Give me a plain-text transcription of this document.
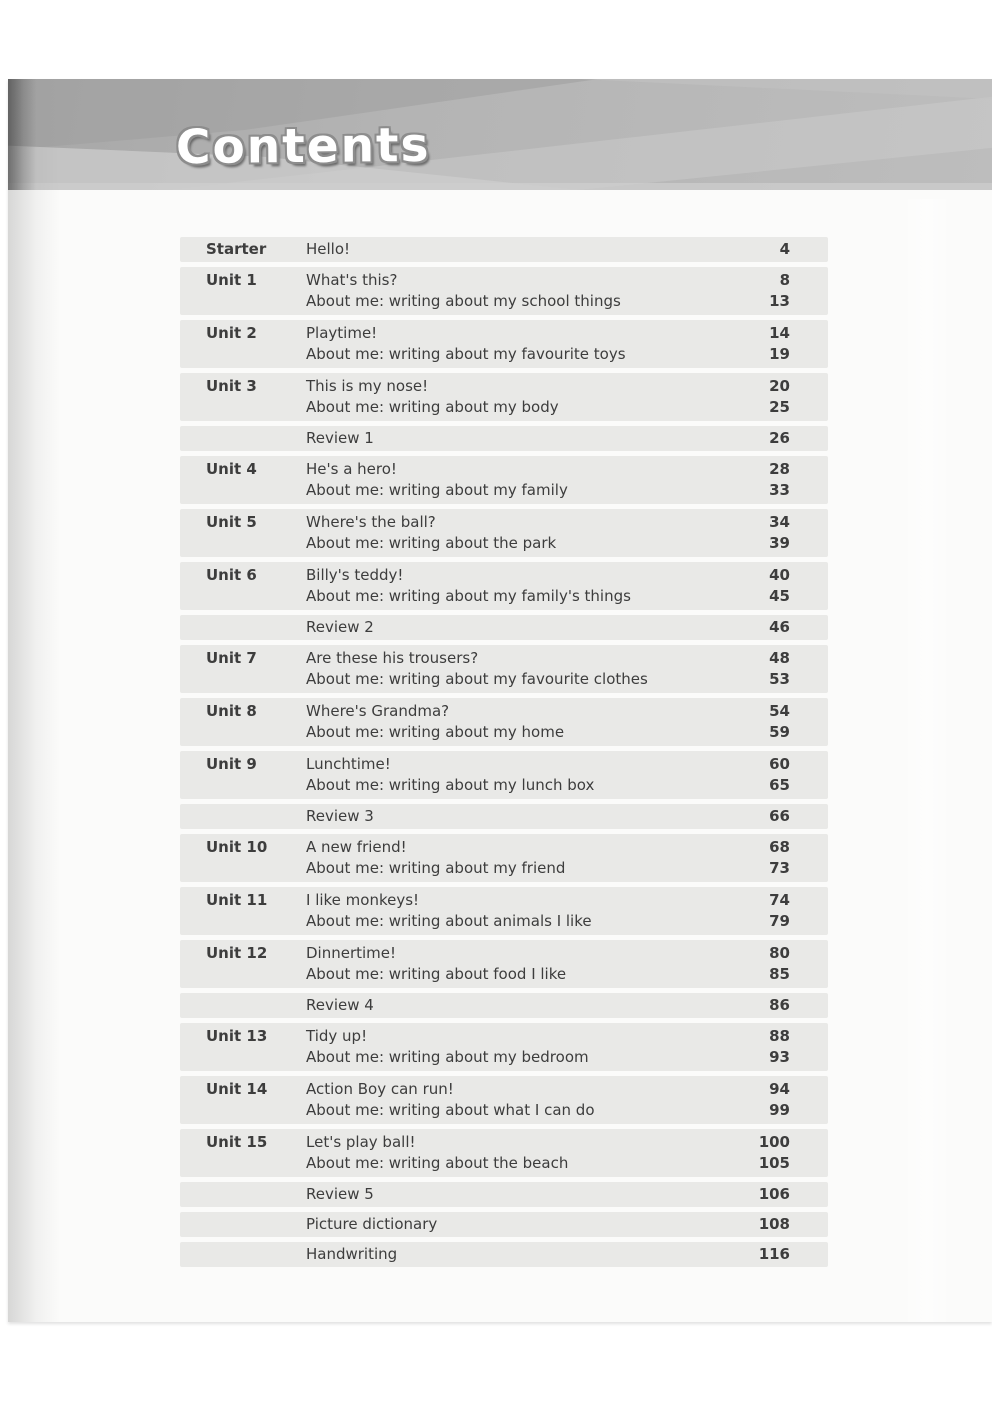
Contents
Starter	Hello!	4
Unit 1	What's this?	8
About me: writing about my school things	13
Unit 2	Playtime!	14
About me: writing about my favourite toys	19
Unit 3	This is my nose!	20
About me: writing about my body	25
Review 1	26
Unit 4	He's a hero!	28
About me: writing about my family	33
Unit 5	Where's the ball?	34
About me: writing about the park	39
Unit 6	Billy's teddy!	40
About me: writing about my family's things	45
Review 2	46
Unit 7	Are these his trousers?	48
About me: writing about my favourite clothes	53
Unit 8	Where's Grandma?	54
About me: writing about my home	59
Unit 9	Lunchtime!	60
About me: writing about my lunch box	65
Review 3	66
Unit 10	A new friend!	68
About me: writing about my friend	73
Unit 11	I like monkeys!	74
About me: writing about animals I like	79
Unit 12	Dinnertime!	80
About me: writing about food I like	85
Review 4	86
Unit 13	Tidy up!	88
About me: writing about my bedroom	93
Unit 14	Action Boy can run!	94
About me: writing about what I can do	99
Unit 15	Let's play ball!	100
About me: writing about the beach	105
Review 5	106
Picture dictionary	108
Handwriting	116
